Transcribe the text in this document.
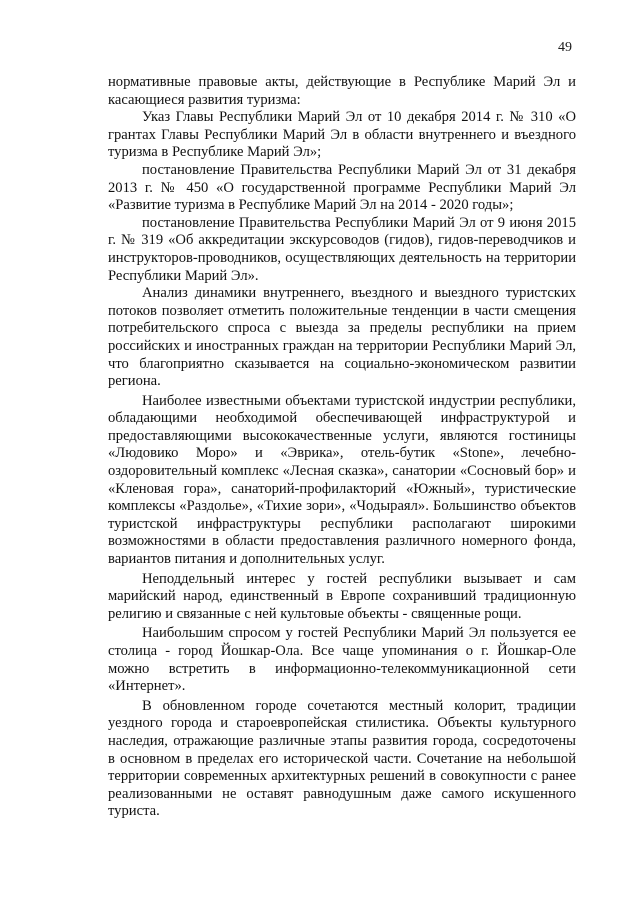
49

нормативные правовые акты, действующие в Республике Марий Эл и касающиеся развития туризма:

Указ Главы Республики Марий Эл от 10 декабря 2014 г. № 310 «О грантах Главы Республики Марий Эл в области внутреннего и въездного туризма в Республике Марий Эл»;

постановление Правительства Республики Марий Эл от 31 декабря 2013 г. № 450 «О государственной программе Республики Марий Эл «Развитие туризма в Республике Марий Эл на 2014 - 2020 годы»;

постановление Правительства Республики Марий Эл от 9 июня 2015 г. № 319 «Об аккредитации экскурсоводов (гидов), гидов-переводчиков и инструкторов-проводников, осуществляющих деятельность на территории Республики Марий Эл».

Анализ динамики внутреннего, въездного и выездного туристских потоков позволяет отметить положительные тенденции в части смещения потребительского спроса с выезда за пределы республики на прием российских и иностранных граждан на территории Республики Марий Эл, что благоприятно сказывается на социально-экономическом развитии региона.

Наиболее известными объектами туристской индустрии республики, обладающими необходимой обеспечивающей инфраструктурой и предоставляющими высококачественные услуги, являются гостиницы «Людовико Моро» и «Эврика», отель-бутик «Stone», лечебно-оздоровительный комплекс «Лесная сказка», санатории «Сосновый бор» и «Кленовая гора», санаторий-профилакторий «Южный», туристические комплексы «Раздолье», «Тихие зори», «Чодыраял». Большинство объектов туристской инфраструктуры республики располагают широкими возможностями в области предоставления различного номерного фонда, вариантов питания и дополнительных услуг.

Неподдельный интерес у гостей республики вызывает и сам марийский народ, единственный в Европе сохранивший традиционную религию и связанные с ней культовые объекты - священные рощи.

Наибольшим спросом у гостей Республики Марий Эл пользуется ее столица - город Йошкар-Ола. Все чаще упоминания о г. Йошкар-Оле можно встретить в информационно-телекоммуникационной сети «Интернет».

В обновленном городе сочетаются местный колорит, традиции уездного города и староевропейская стилистика. Объекты культурного наследия, отражающие различные этапы развития города, сосредоточены в основном в пределах его исторической части. Сочетание на небольшой территории современных архитектурных решений в совокупности с ранее реализованными не оставят равнодушным даже самого искушенного туриста.
